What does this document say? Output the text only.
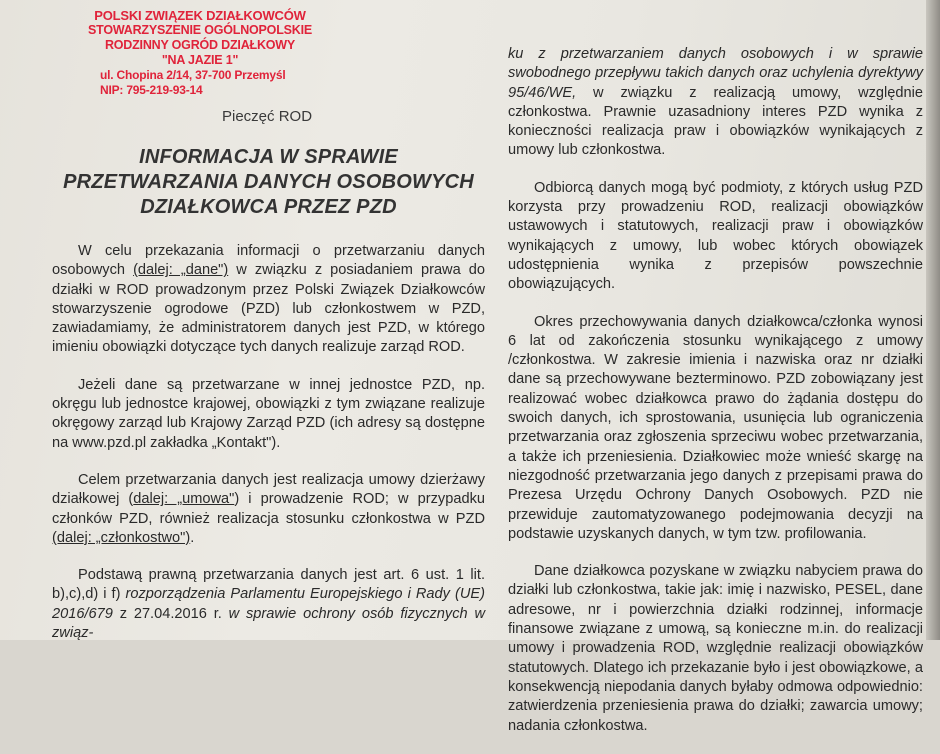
POLSKI ZWIĄZEK DZIAŁKOWCÓW
STOWARZYSZENIE OGÓLNOPOLSKIE
RODZINNY OGRÓD DZIAŁKOWY
"NA JAZIE 1"
ul. Chopina 2/14, 37-700 Przemyśl
NIP: 795-219-93-14
Pieczęć ROD
INFORMACJA W SPRAWIE
PRZETWARZANIA DANYCH OSOBOWYCH
DZIAŁKOWCA PRZEZ PZD

W celu przekazania informacji o przetwarzaniu danych osobowych (dalej: „dane") w związku z posiadaniem prawa do działki w ROD prowadzonym przez Polski Związek Działkowców stowarzyszenie ogrodowe (PZD) lub członkostwem w PZD, zawiadamiamy, że administratorem danych jest PZD, w którego imieniu obowiązki dotyczące tych danych realizuje zarząd ROD.

Jeżeli dane są przetwarzane w innej jednostce PZD, np. okręgu lub jednostce krajowej, obowiązki z tym związane realizuje okręgowy zarząd lub Krajowy Zarząd PZD (ich adresy są dostępne na www.pzd.pl zakładka „Kontakt").

Celem przetwarzania danych jest realizacja umowy dzierżawy działkowej (dalej: „umowa") i prowadzenie ROD; w przypadku członków PZD, również realizacja stosunku członkostwa w PZD (dalej: „członkostwo").

Podstawą prawną przetwarzania danych jest art. 6 ust. 1 lit. b),c),d) i f) rozporządzenia Parlamentu Europejskiego i Rady (UE) 2016/679 z 27.04.2016 r. w sprawie ochrony osób fizycznych w związ-

ku z przetwarzaniem danych osobowych i w sprawie swobodnego przepływu takich danych oraz uchylenia dyrektywy 95/46/WE, w związku z realizacją umowy, względnie członkostwa. Prawnie uzasadniony interes PZD wynika z konieczności realizacja praw i obowiązków wynikających z umowy lub członkostwa.

Odbiorcą danych mogą być podmioty, z których usług PZD korzysta przy prowadzeniu ROD, realizacji obowiązków ustawowych i statutowych, realizacji praw i obowiązków wynikających z umowy, lub wobec których obowiązek udostępnienia wynika z przepisów powszechnie obowiązujących.

Okres przechowywania danych działkowca/członka wynosi 6 lat od zakończenia stosunku wynikającego z umowy /członkostwa. W zakresie imienia i nazwiska oraz nr działki dane są przechowywane bezterminowo. PZD zobowiązany jest realizować wobec działkowca prawo do żądania dostępu do swoich danych, ich sprostowania, usunięcia lub ograniczenia przetwarzania oraz zgłoszenia sprzeciwu wobec przetwarzania, a także ich przeniesienia. Działkowiec może wnieść skargę na niezgodność przetwarzania jego danych z przepisami prawa do Prezesa Urzędu Ochrony Danych Osobowych. PZD nie przewiduje zautomatyzowanego podejmowania decyzji na podstawie uzyskanych danych, w tym tzw. profilowania.

Dane działkowca pozyskane w związku nabyciem prawa do działki lub członkostwa, takie jak: imię i nazwisko, PESEL, dane adresowe, nr i powierzchnia działki rodzinnej, informacje finansowe związane z umową, są konieczne m.in. do realizacji umowy i prowadzenia ROD, względnie realizacji obowiązków statutowych. Dlatego ich przekazanie było i jest obowiązkowe, a konsekwencją niepodania danych byłaby odmowa odpowiednio: zatwierdzenia przeniesienia prawa do działki; zawarcia umowy; nadania członkostwa.
